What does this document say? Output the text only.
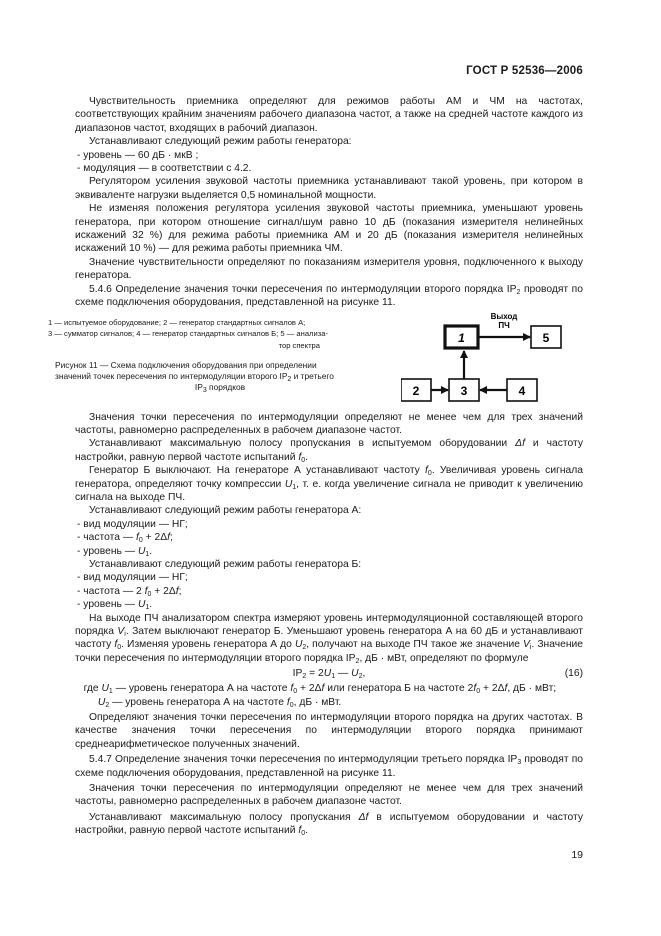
ГОСТ Р 52536—2006

Чувствительность приемника определяют для режимов работы АМ и ЧМ на частотах, соответствующих крайним значениям рабочего диапазона частот, а также на средней частоте каждого из диапазонов частот, входящих в рабочий диапазон.

Устанавливают следующий режим работы генератора:

- уровень — 60 дБ · мкВ ;

- модуляция — в соответствии с 4.2.

Регулятором усиления звуковой частоты приемника устанавливают такой уровень, при котором в эквиваленте нагрузки выделяется 0,5 номинальной мощности.

Не изменяя положения регулятора усиления звуковой частоты приемника, уменьшают уровень генератора, при котором отношение сигнал/шум равно 10 дБ (показания измерителя нелинейных искажений 32 %) для режима работы приемника АМ и 20 дБ (показания измерителя нелинейных искажений 10 %) — для режима работы приемника ЧМ.

Значение чувствительности определяют по показаниям измерителя уровня, подключенного к выходу генератора.

5.4.6 Определение значения точки пересечения по интермодуляции второго порядка $IP_2$ проводят по схеме подключения оборудования, представленной на рисунке 11.

1 — испытуемое оборудование; 2 — генератор стандартных сигналов А;
3 — сумматор сигналов; 4 — генератор стандартных сигналов Б; 5 — анализа-
тор спектра
Рисунок 11 — Схема подключения оборудования при определении
значений точек пересечения по интермодуляции второго $IP_2$ и третьего
$IP_3$ порядков
1	5
2	3	4
Выход
ПЧ

Значения точки пересечения по интермодуляции определяют не менее чем для трех значений частоты, равномерно распределенных в рабочем диапазоне частот.

Устанавливают максимальную полосу пропускания в испытуемом оборудовании Δf и частоту настройки, равную первой частоте испытаний $f_0$.

Генератор Б выключают. На генераторе А устанавливают частоту $f_0$. Увеличивая уровень сигнала генератора, определяют точку компрессии $U_1$, т. е. когда увеличение сигнала не приводит к увеличению сигнала на выходе ПЧ.

Устанавливают следующий режим работы генератора А:

- вид модуляции — НГ;

- частота — $f_0 + 2\Delta f$;

- уровень — $U_1$.

Устанавливают следующий режим работы генератора Б:

- вид модуляции — НГ;

- частота — 2 $f_0 + 2\Delta f$;

- уровень — $U_1$.

На выходе ПЧ анализатором спектра измеряют уровень интермодуляционной составляющей второго порядка $V_i$. Затем выключают генератор Б. Уменьшают уровень генератора А на 60 дБ и устанавливают частоту $f_0$. Изменяя уровень генератора А до $U_2$, получают на выходе ПЧ такое же значение $V_i$. Значение точки пересечения по интермодуляции второго порядка $IP_2$, дБ · мВт, определяют по формуле

$IP_2 = 2U_1$ — $U_2$,	(16)

где $U_1$ — уровень генератора А на частоте $f_0 + 2\Delta f$ или генератора Б на частоте $2f_0 + 2\Delta f$, дБ · мВт;

$U_2$ — уровень генератора А на частоте $f_0$, дБ · мВт.

Определяют значения точки пересечения по интермодуляции второго порядка на других частотах. В качестве значения точки пересечения по интермодуляции второго порядка принимают среднеарифметическое полученных значений.

5.4.7 Определение значения точки пересечения по интермодуляции третьего порядка $IP_3$ проводят по схеме подключения оборудования, представленной на рисунке 11.

Значения точки пересечения по интермодуляции определяют не менее чем для трех значений частоты, равномерно распределенных в рабочем диапазоне частот.

Устанавливают максимальную полосу пропускания Δf в испытуемом оборудовании и частоту настройки, равную первой частоте испытаний $f_0$.

19
